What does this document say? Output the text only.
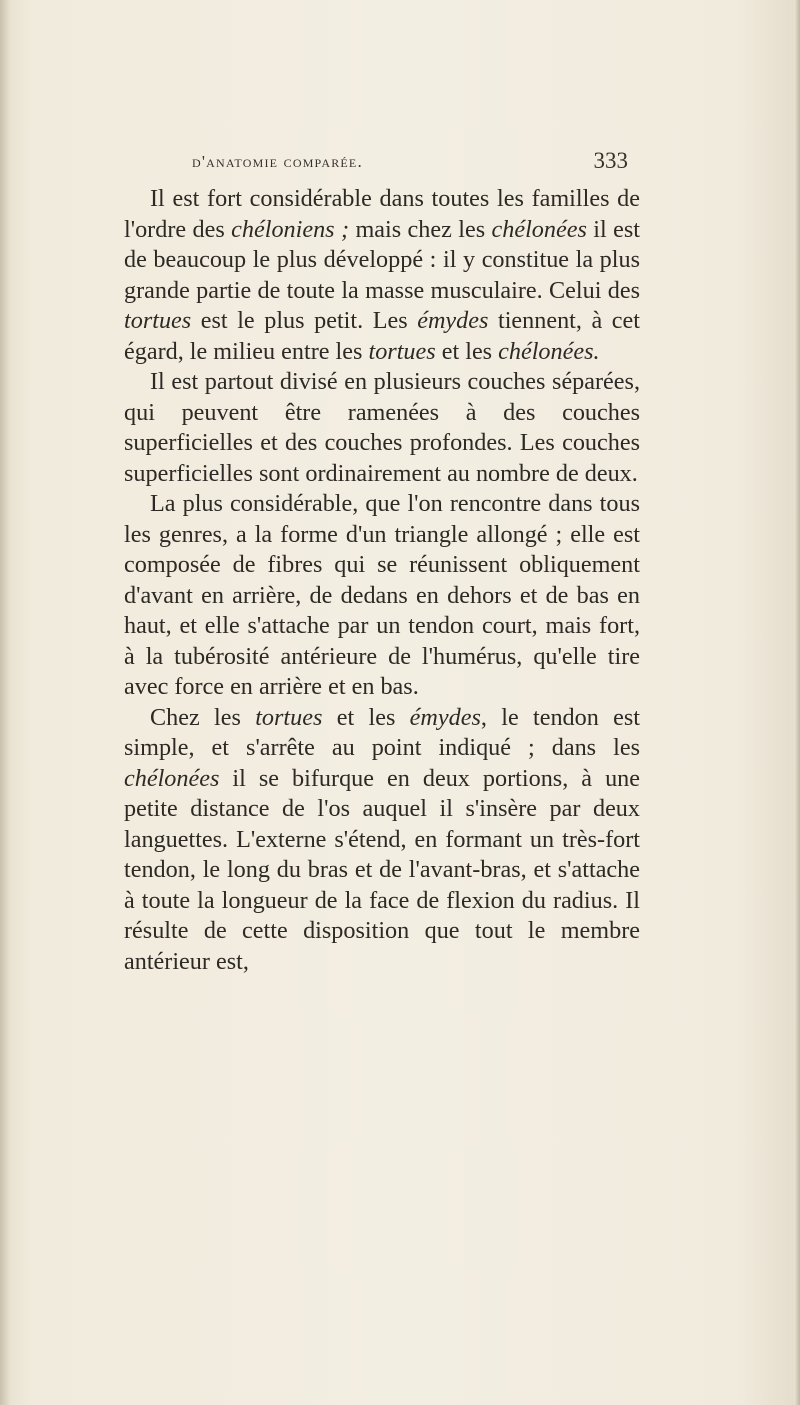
d'anatomie comparée.	333

Il est fort considérable dans toutes les familles de l'ordre des chéloniens ; mais chez les chélonées il est de beaucoup le plus développé : il y constitue la plus grande partie de toute la masse musculaire. Celui des tortues est le plus petit. Les émydes tiennent, à cet égard, le milieu entre les tortues et les chélonées.

Il est partout divisé en plusieurs couches séparées, qui peuvent être ramenées à des couches superficielles et des couches profondes. Les couches superficielles sont ordinairement au nombre de deux.

La plus considérable, que l'on rencontre dans tous les genres, a la forme d'un triangle allongé ; elle est composée de fibres qui se réunissent obliquement d'avant en arrière, de dedans en dehors et de bas en haut, et elle s'attache par un tendon court, mais fort, à la tubérosité antérieure de l'humérus, qu'elle tire avec force en arrière et en bas.

Chez les tortues et les émydes, le tendon est simple, et s'arrête au point indiqué ; dans les chélonées il se bifurque en deux portions, à une petite distance de l'os auquel il s'insère par deux languettes. L'externe s'étend, en formant un très-fort tendon, le long du bras et de l'avant-bras, et s'attache à toute la longueur de la face de flexion du radius. Il résulte de cette disposition que tout le membre antérieur est,
